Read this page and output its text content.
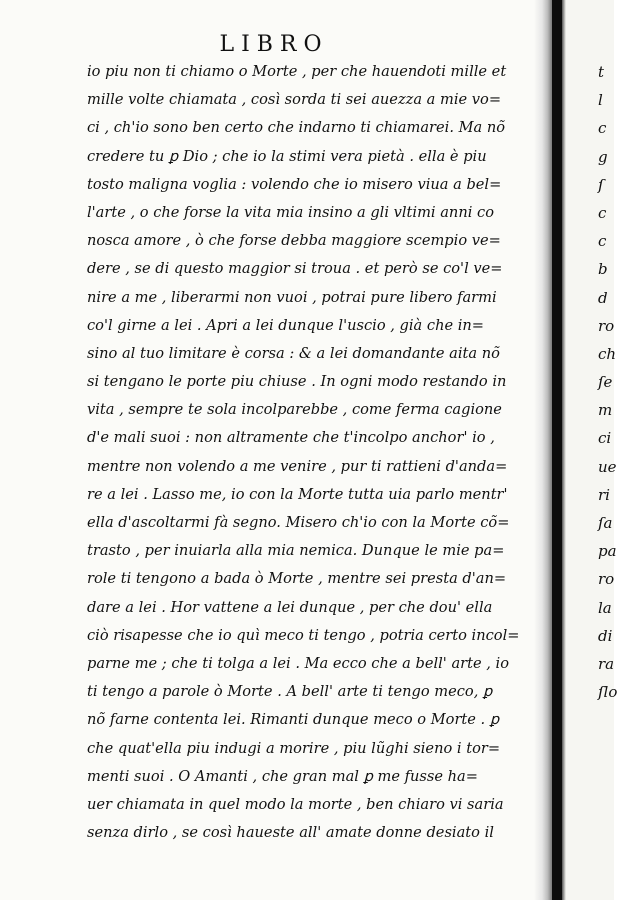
LIBRO
io piu non ti chiamo o Morte , per che hauendoti mille et
mille volte chiamata , così sorda ti sei auezza a mie vo=
ci , ch'io sono ben certo che indarno ti chiamarei. Ma nõ
credere tu ꝑ Dio ; che io la stimi vera pietà . ella è piu
tosto maligna voglia : volendo che io misero viua a bel=
l'arte , o che forse la vita mia insino a gli vltimi anni co
nosca amore , ò che forse debba maggiore scempio ve=
dere , se di questo maggior si troua . et però se co'l ve=
nire a me , liberarmi non vuoi , potrai pure libero farmi
co'l girne a lei . Apri a lei dunque l'uscio , già che in=
sino al tuo limitare è corsa : & a lei domandante aita nõ
si tengano le porte piu chiuse . In ogni modo restando in
vita , sempre te sola incolparebbe , come ferma cagione
d'e mali suoi : non altramente che t'incolpo anchor' io ,
mentre non volendo a me venire , pur ti rattieni d'anda=
re a lei . Lasso me, io con la Morte tutta uia parlo mentr'
ella d'ascoltarmi fà segno. Misero ch'io con la Morte cõ=
trasto , per inuiarla alla mia nemica. Dunque le mie pa=
role ti tengono a bada ò Morte , mentre sei presta d'an=
dare a lei . Hor vattene a lei dunque , per che dou' ella
ciò risapesse che io quì meco ti tengo , potria certo incol=
parne me ; che ti tolga a lei . Ma ecco che a bell' arte , io
ti tengo a parole ò Morte . A bell' arte ti tengo meco, ꝑ
nõ farne contenta lei. Rimanti dunque meco o Morte . ꝑ
che quat'ella piu indugi a morire , piu lũghi sieno i tor=
menti suoi . O Amanti , che gran mal ꝑ me fusse ha=
uer chiamata in quel modo la morte , ben chiaro vi saria
senza dirlo , se così haueste all' amate donne desiato il
t
l
c
g
ſ
c
c
b
d
ro
ch
ſe
m
ci
ue
ri
ſa
pa
ro
la
di
ra
ſlo
